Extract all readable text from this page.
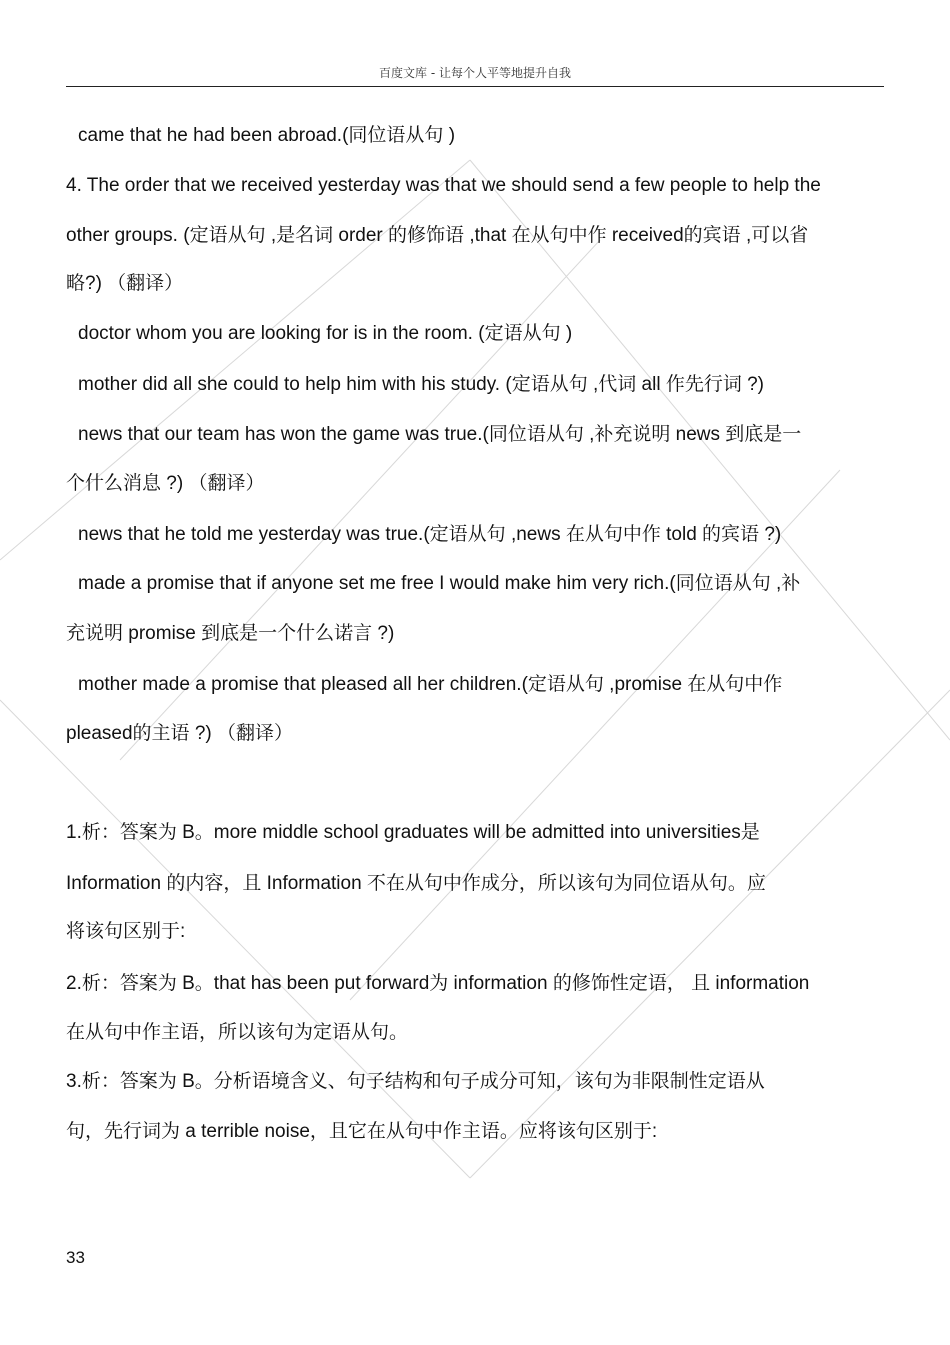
百度文库 - 让每个人平等地提升自我
came that he had been abroad.(同位语从句 )
4. The order that we received yesterday was that we should send a few people to help the
other groups. (定语从句 ,是名词 order 的修饰语 ,that 在从句中作 received的宾语 ,可以省
略?) （翻译）
doctor whom you are looking for is in the room. (定语从句 )
mother did all she could to help him with his study. (定语从句 ,代词 all 作先行词 ?)
news that our team has won the game was true.(同位语从句 ,补充说明 news 到底是一
个什么消息 ?) （翻译）
news that he told me yesterday was true.(定语从句 ,news 在从句中作 told 的宾语 ?)
made a promise that if anyone set me free I would make him very rich.(同位语从句 ,补
充说明 promise 到底是一个什么诺言 ?)
mother made a promise that pleased all her children.(定语从句 ,promise 在从句中作
pleased的主语 ?) （翻译）
1.析：答案为 B。more middle school graduates will be admitted into universities是
Information 的内容，且 Information 不在从句中作成分，所以该句为同位语从句。应
将该句区别于:
2.析：答案为 B。that has been put forward为 information 的修饰性定语， 且 information
在从句中作主语，所以该句为定语从句。
3.析：答案为 B。分析语境含义、句子结构和句子成分可知，该句为非限制性定语从
句，先行词为 a terrible noise，且它在从句中作主语。应将该句区别于:
33
